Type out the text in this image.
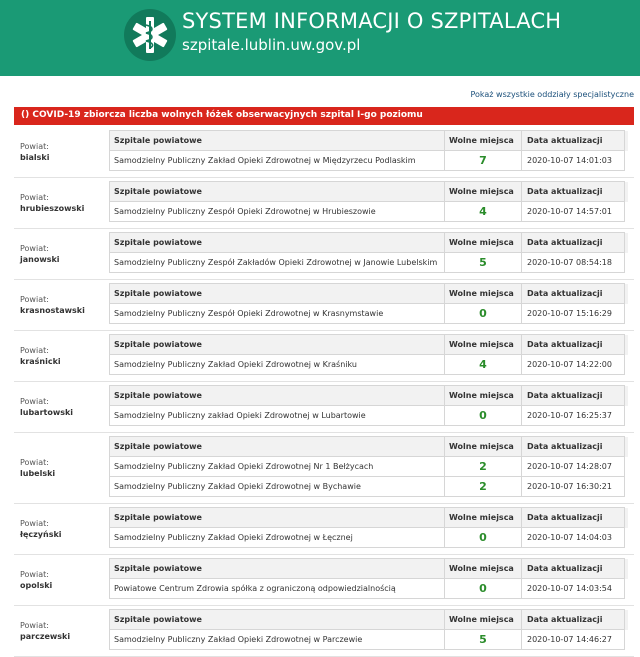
SYSTEM INFORMACJI O SZPITALACH
szpitale.lublin.uw.gov.pl
Pokaż wszystkie oddziały specjalistyczne
() COVID-19 zbiorcza liczba wolnych łóżek obserwacyjnych szpital I-go poziomu
Powiat:
bialski
Szpitale powiatowe	Wolne miejsca	Data aktualizacji
Samodzielny Publiczny Zakład Opieki Zdrowotnej w Międzyrzecu Podlaskim	7	2020-10-07 14:01:03
Powiat:
hrubieszowski
Szpitale powiatowe	Wolne miejsca	Data aktualizacji
Samodzielny Publiczny Zespół Opieki Zdrowotnej w Hrubieszowie	4	2020-10-07 14:57:01
Powiat:
janowski
Szpitale powiatowe	Wolne miejsca	Data aktualizacji
Samodzielny Publiczny Zespół Zakładów Opieki Zdrowotnej w Janowie Lubelskim	5	2020-10-07 08:54:18
Powiat:
krasnostawski
Szpitale powiatowe	Wolne miejsca	Data aktualizacji
Samodzielny Publiczny Zespół Opieki Zdrowotnej w Krasnymstawie	0	2020-10-07 15:16:29
Powiat:
kraśnicki
Szpitale powiatowe	Wolne miejsca	Data aktualizacji
Samodzielny Publiczny Zakład Opieki Zdrowotnej w Kraśniku	4	2020-10-07 14:22:00
Powiat:
lubartowski
Szpitale powiatowe	Wolne miejsca	Data aktualizacji
Samodzielny Publiczny zakład Opieki Zdrowotnej w Lubartowie	0	2020-10-07 16:25:37
Powiat:
lubelski
Szpitale powiatowe	Wolne miejsca	Data aktualizacji
Samodzielny Publiczny Zakład Opieki Zdrowotnej Nr 1 Bełżycach	2	2020-10-07 14:28:07
Samodzielny Publiczny Zakład Opieki Zdrowotnej w Bychawie	2	2020-10-07 16:30:21
Powiat:
łęczyński
Szpitale powiatowe	Wolne miejsca	Data aktualizacji
Samodzielny Publiczny Zakład Opieki Zdrowotnej w Łęcznej	0	2020-10-07 14:04:03
Powiat:
opolski
Szpitale powiatowe	Wolne miejsca	Data aktualizacji
Powiatowe Centrum Zdrowia spółka z ograniczoną odpowiedzialnością	0	2020-10-07 14:03:54
Powiat:
parczewski
Szpitale powiatowe	Wolne miejsca	Data aktualizacji
Samodzielny Publiczny Zakład Opieki Zdrowotnej w Parczewie	5	2020-10-07 14:46:27
